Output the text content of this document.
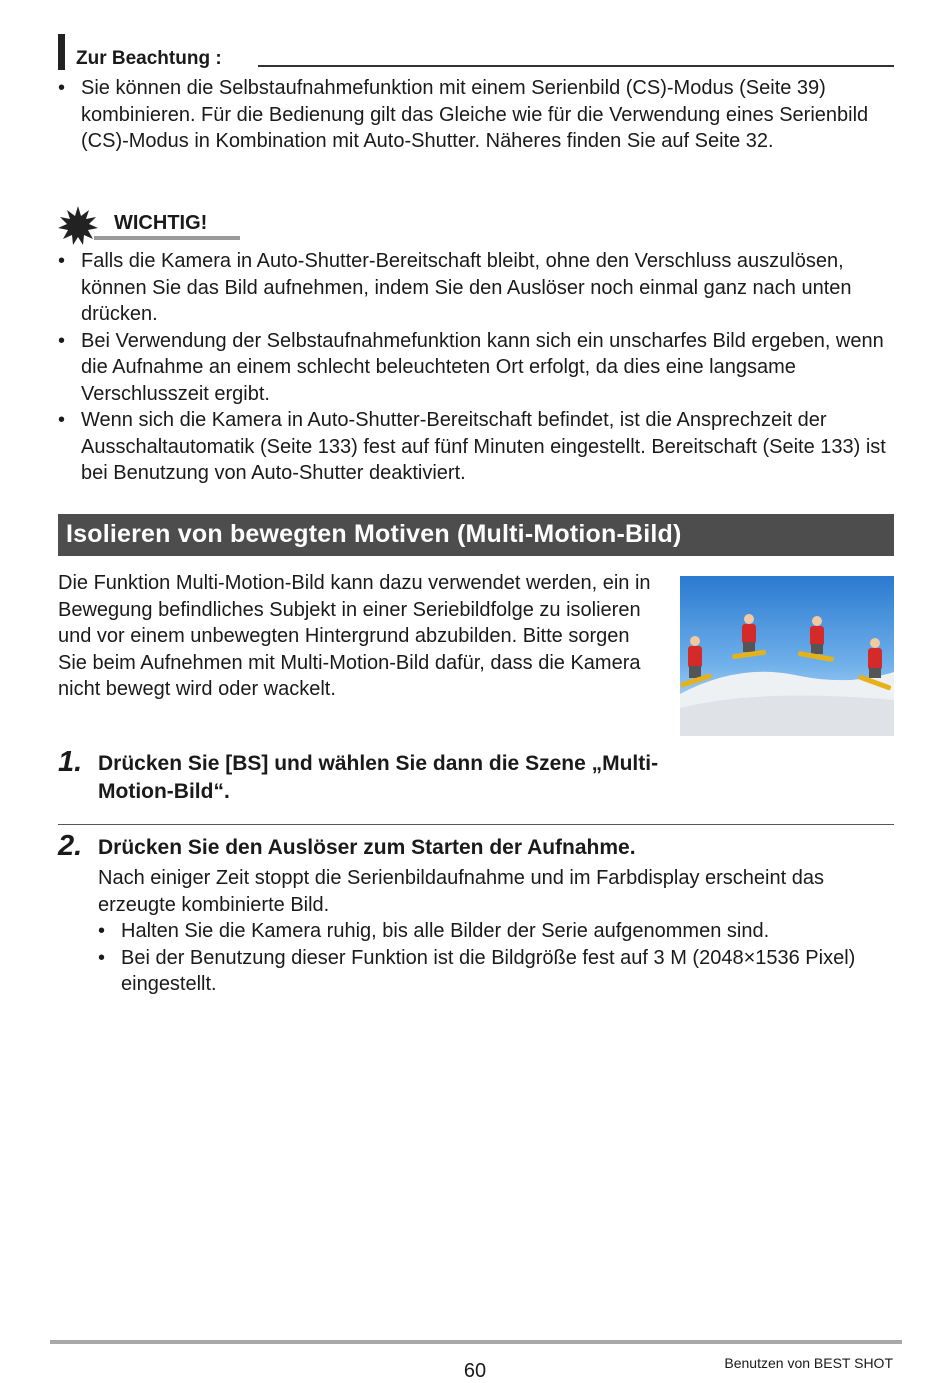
Zur Beachtung :
• Sie können die Selbstaufnahmefunktion mit einem Serienbild (CS)-Modus (Seite 39) kombinieren. Für die Bedienung gilt das Gleiche wie für die Verwendung eines Serienbild (CS)-Modus in Kombination mit Auto-Shutter. Näheres finden Sie auf Seite 32.
WICHTIG!
• Falls die Kamera in Auto-Shutter-Bereitschaft bleibt, ohne den Verschluss auszulösen, können Sie das Bild aufnehmen, indem Sie den Auslöser noch einmal ganz nach unten drücken.
• Bei Verwendung der Selbstaufnahmefunktion kann sich ein unscharfes Bild ergeben, wenn die Aufnahme an einem schlecht beleuchteten Ort erfolgt, da dies eine langsame Verschlusszeit ergibt.
• Wenn sich die Kamera in Auto-Shutter-Bereitschaft befindet, ist die Ansprechzeit der Ausschaltautomatik (Seite 133) fest auf fünf Minuten eingestellt. Bereitschaft (Seite 133) ist bei Benutzung von Auto-Shutter deaktiviert.
Isolieren von bewegten Motiven (Multi-Motion-Bild)

Die Funktion Multi-Motion-Bild kann dazu verwendet werden, ein in Bewegung befindliches Subjekt in einer Seriebildfolge zu isolieren und vor einem unbewegten Hintergrund abzubilden. Bitte sorgen Sie beim Aufnehmen mit Multi-Motion-Bild dafür, dass die Kamera nicht bewegt wird oder wackelt.

1. Drücken Sie [BS] und wählen Sie dann die Szene „Multi-Motion-Bild“.

2. Drücken Sie den Auslöser zum Starten der Aufnahme.

Nach einiger Zeit stoppt die Serienbildaufnahme und im Farbdisplay erscheint das erzeugte kombinierte Bild.

• Halten Sie die Kamera ruhig, bis alle Bilder der Serie aufgenommen sind.
• Bei der Benutzung dieser Funktion ist die Bildgröße fest auf 3 M (2048×1536 Pixel) eingestellt.
60	Benutzen von BEST SHOT
